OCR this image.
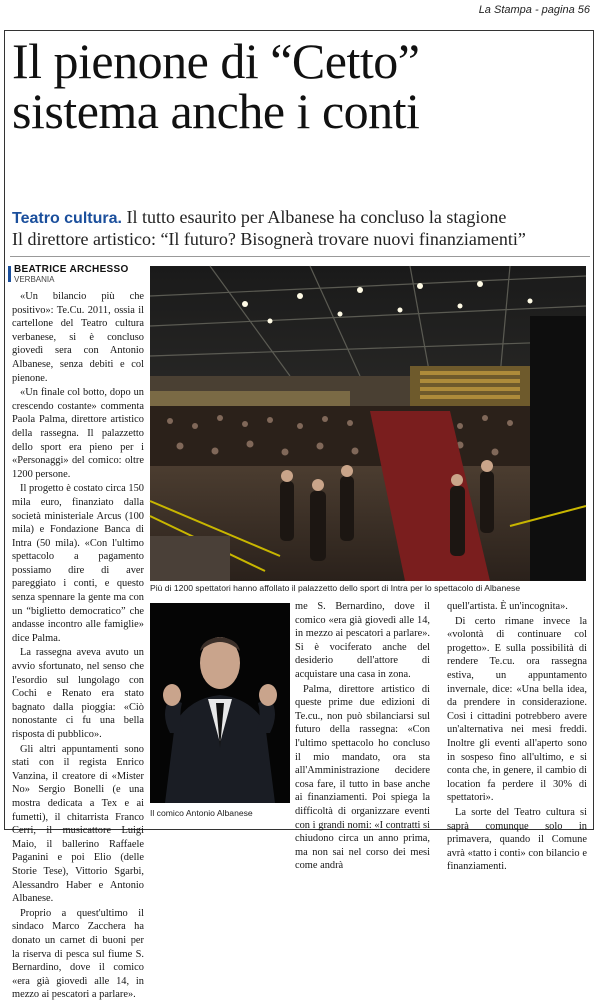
La Stampa - pagina 56
Il pienone di “Cetto”
sistema anche i conti
Teatro cultura. Il tutto esaurito per Albanese ha concluso la stagione
Il direttore artistico: “Il futuro? Bisognerà trovare nuovi finanziamenti”
BEATRICE ARCHESSO
VERBANIA

«Un bilancio più che positivo»: Te.Cu. 2011, ossia il cartellone del Teatro cultura verbanese, si è concluso giovedì sera con Antonio Albanese, senza debiti e col pienone.

«Un finale col botto, dopo un crescendo costante» commenta Paola Palma, direttore artistico della rassegna. Il palazzetto dello sport era pieno per i «Personaggi» del comico: oltre 1200 persone.

Il progetto è costato circa 150 mila euro, finanziato dalla società ministeriale Arcus (100 mila) e Fondazione Banca di Intra (50 mila). «Con l'ultimo spettacolo a pagamento possiamo dire di aver pareggiato i conti, e questo senza spennare la gente ma con un “biglietto democratico” che andasse incontro alle famiglie» dice Palma.

La rassegna aveva avuto un avvio sfortunato, nel senso che l'esordio sul lungolago con Cochi e Renato era stato bagnato dalla pioggia: «Ciò nonostante ci fu una bella risposta di pubblico».

Gli altri appuntamenti sono stati con il regista Enrico Vanzina, il creatore di «Mister No» Sergio Bonelli (e una mostra dedicata a Tex e ai fumetti), il chitarrista Franco Cerri, il musicattore Luigi Maio, il ballerino Raffaele Paganini e poi Elio (delle Storie Tese), Vittorio Sgarbi, Alessandro Haber e Antonio Albanese.

Proprio a quest'ultimo il sindaco Marco Zacchera ha donato un carnet di buoni per la riserva di pesca sul fiume S. Bernardino, dove il comico «era già giovedì alle 14, in mezzo ai pescatori a parlare».

Più di 1200 spettatori hanno affollato il palazzetto dello sport di Intra per lo spettacolo di Albanese
Il comico Antonio Albanese

me S. Bernardino, dove il comico «era già giovedì alle 14, in mezzo ai pescatori a parlare». Si è vociferato anche del desiderio dell'attore di acquistare una casa in zona.

Palma, direttore artistico di queste prime due edizioni di Te.cu., non può sbilanciarsi sul futuro della rassegna: «Con l'ultimo spettacolo ho concluso il mio mandato, ora sta all'Amministrazione decidere cosa fare, il tutto in base anche ai finanziamenti. Poi spiega la difficoltà di organizzare eventi con i grandi nomi: «I contratti si chiudono circa un anno prima, ma non sai nel corso dei mesi come andrà

quell'artista. È un'incognita».

Di certo rimane invece la «volontà di continuare col progetto». E sulla possibilità di rendere Te.cu. ora rassegna estiva, un appuntamento invernale, dice: «Una bella idea, da prendere in considerazione. Così i cittadini potrebbero avere un'alternativa nei mesi freddi. Inoltre gli eventi all'aperto sono in sospeso fino all'ultimo, e si conta che, in genere, il cambio di location fa perdere il 30% di spettatori».

La sorte del Teatro cultura si saprà comunque solo in primavera, quando il Comune avrà «tatto i conti» con bilancio e finanziamenti.
